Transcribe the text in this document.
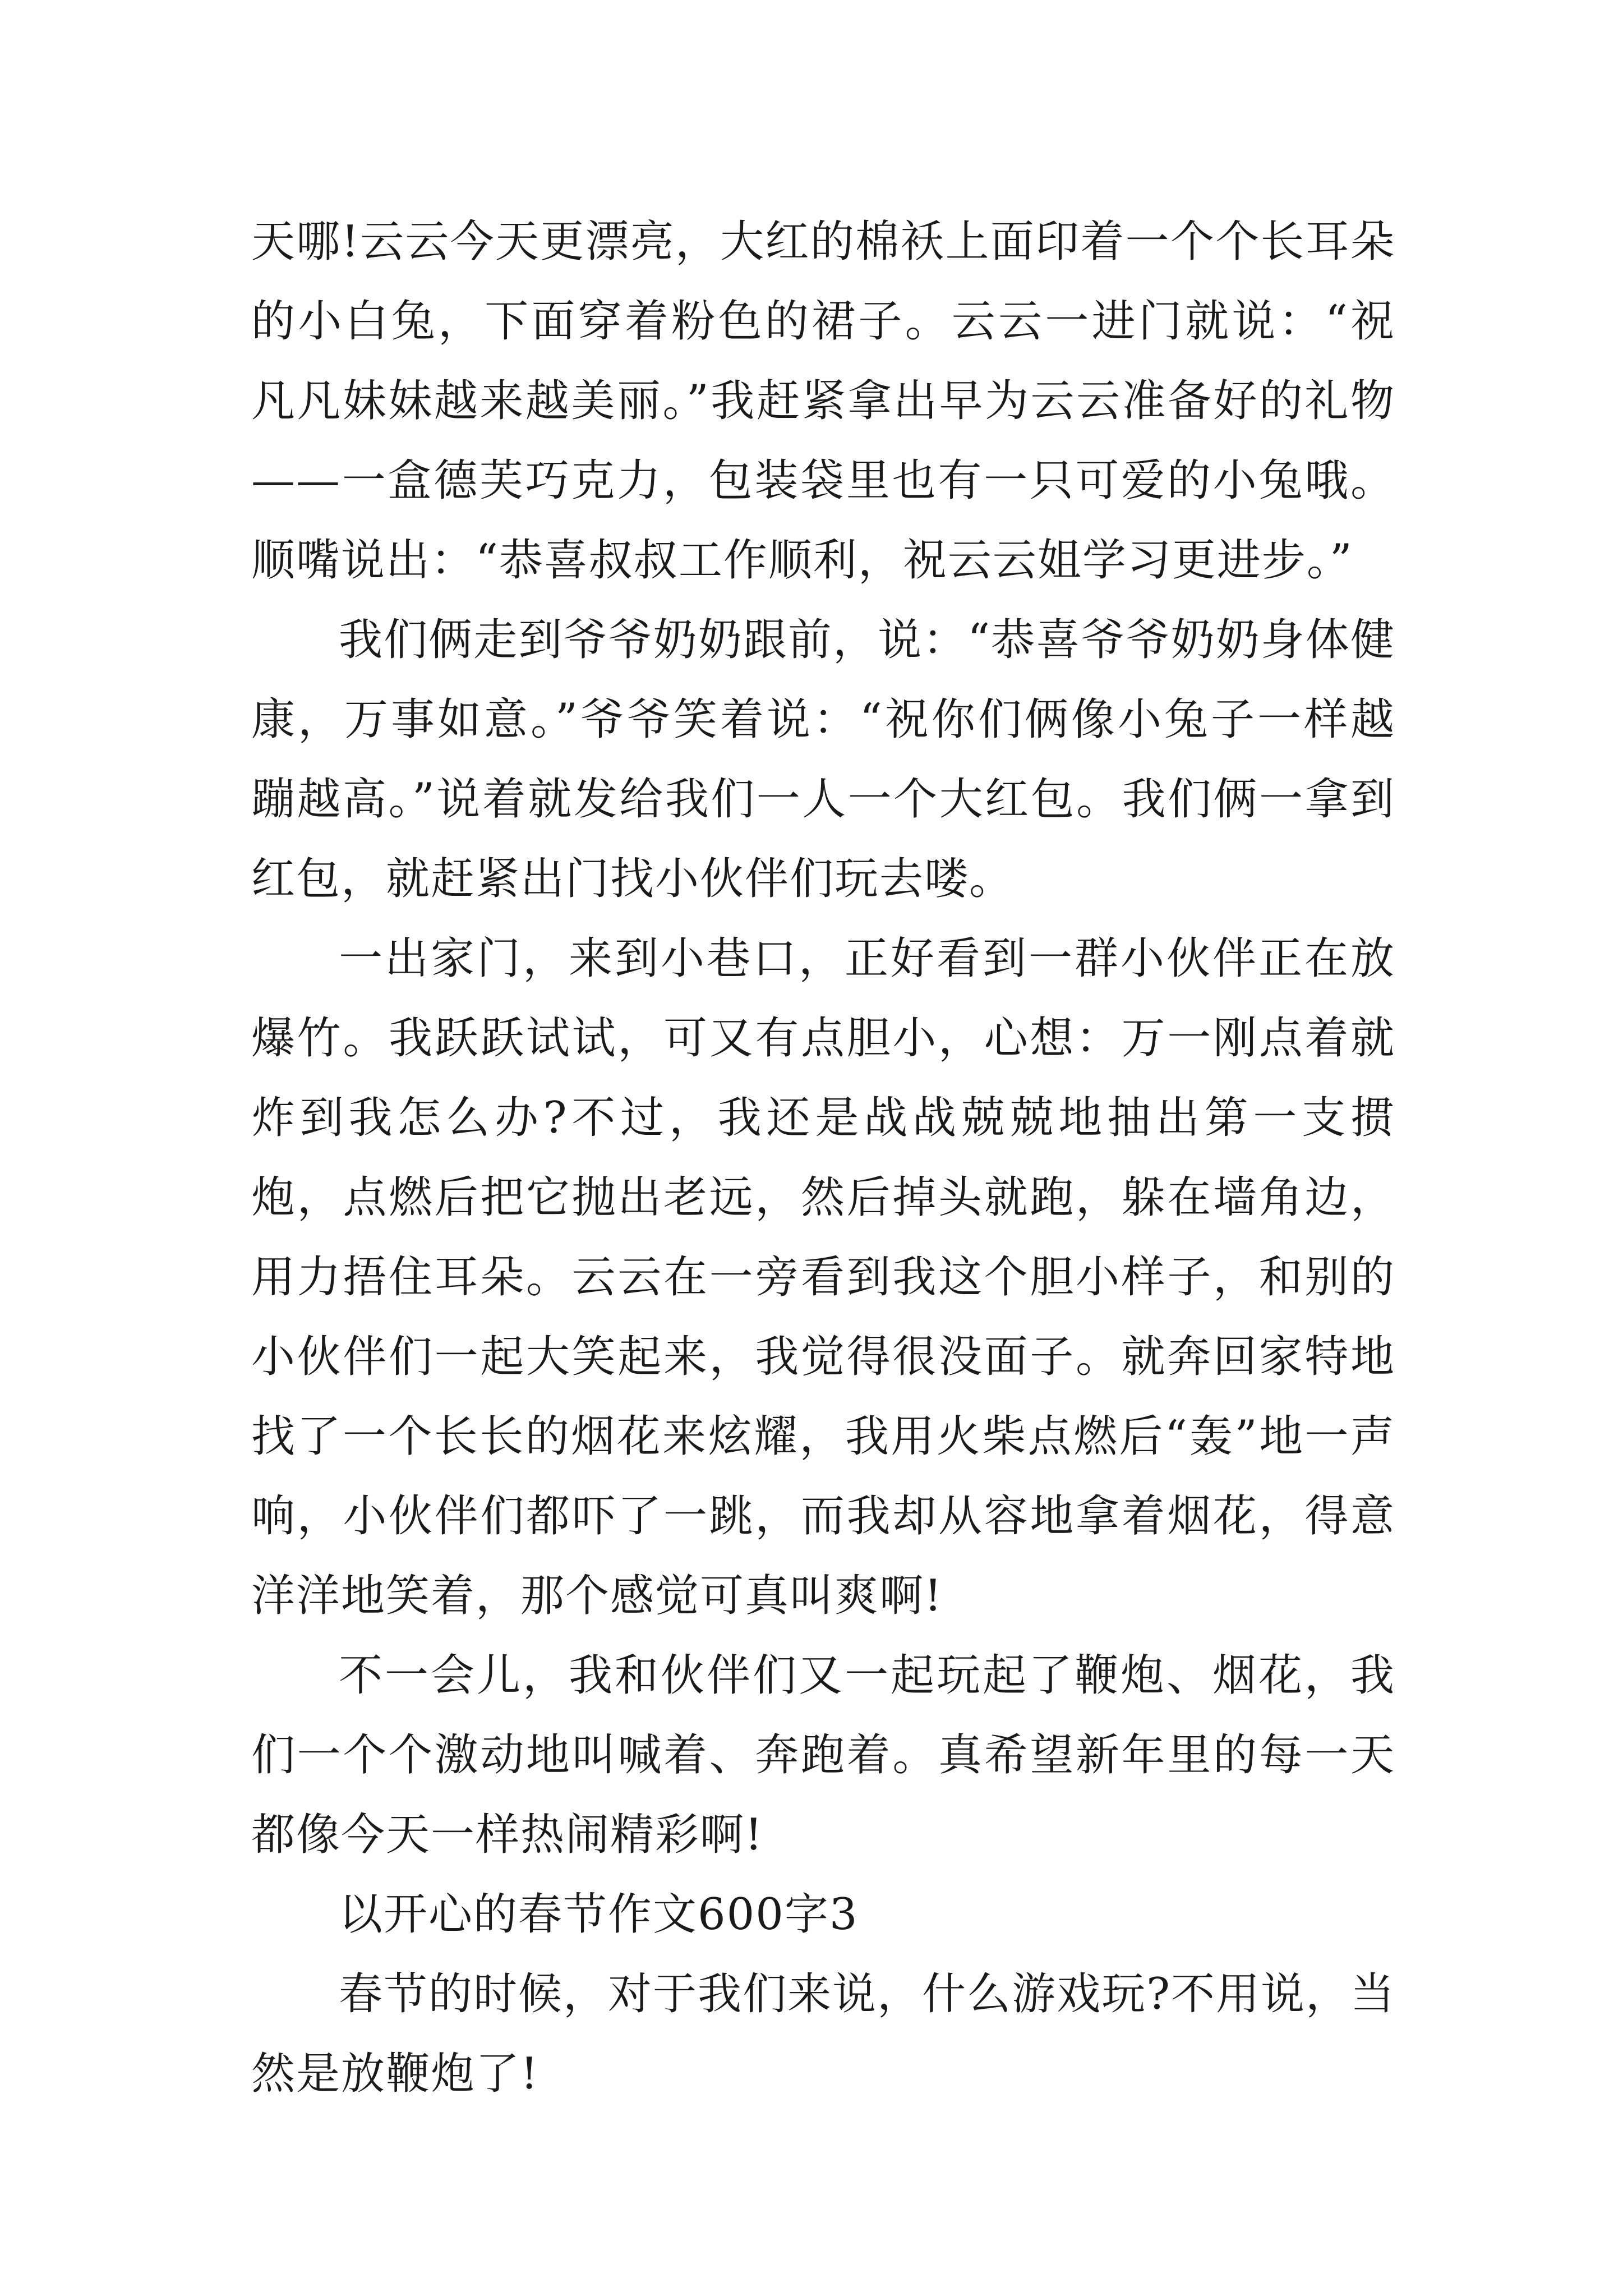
天哪!云云今天更漂亮，大红的棉袄上面印着一个个长耳朵的小白兔，下面穿着粉色的裙子。云云一进门就说：“祝凡凡妹妹越来越美丽。”我赶紧拿出早为云云准备好的礼物——一盒德芙巧克力，包装袋里也有一只可爱的小兔哦。顺嘴说出：“恭喜叔叔工作顺利，祝云云姐学习更进步。”

我们俩走到爷爷奶奶跟前，说：“恭喜爷爷奶奶身体健康，万事如意。”爷爷笑着说：“祝你们俩像小兔子一样越蹦越高。”说着就发给我们一人一个大红包。我们俩一拿到红包，就赶紧出门找小伙伴们玩去喽。

一出家门，来到小巷口，正好看到一群小伙伴正在放爆竹。我跃跃试试，可又有点胆小，心想：万一刚点着就炸到我怎么办?不过，我还是战战兢兢地抽出第一支掼炮，点燃后把它抛出老远，然后掉头就跑，躲在墙角边，用力捂住耳朵。云云在一旁看到我这个胆小样子，和别的小伙伴们一起大笑起来，我觉得很没面子。就奔回家特地找了一个长长的烟花来炫耀，我用火柴点燃后“轰”地一声响，小伙伴们都吓了一跳，而我却从容地拿着烟花，得意洋洋地笑着，那个感觉可真叫爽啊!

不一会儿，我和伙伴们又一起玩起了鞭炮、烟花，我们一个个激动地叫喊着、奔跑着。真希望新年里的每一天都像今天一样热闹精彩啊!

以开心的春节作文600字3

春节的时候，对于我们来说，什么游戏玩?不用说，当然是放鞭炮了!
